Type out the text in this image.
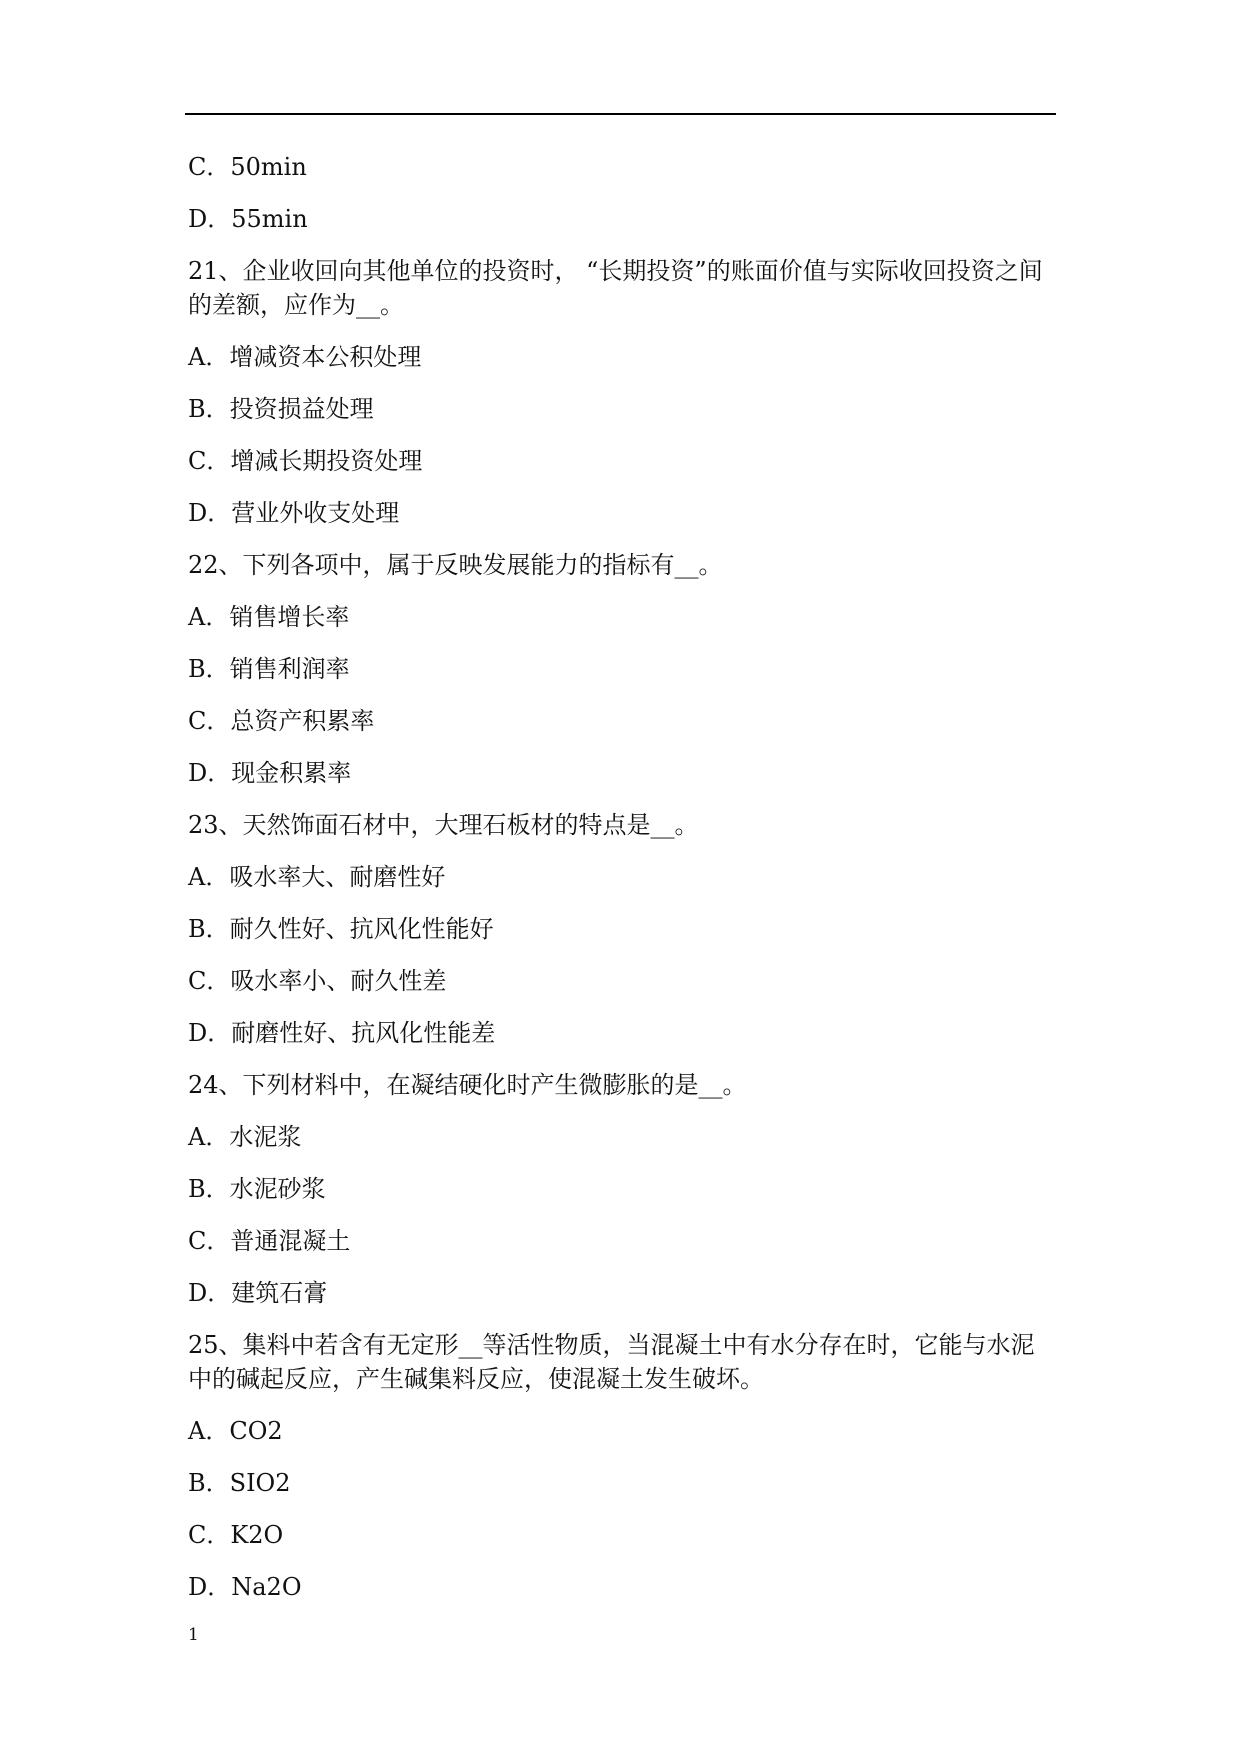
C．50min
D．55min
21、企业收回向其他单位的投资时， “长期投资”的账面价值与实际收回投资之间的差额，应作为__。
A．增减资本公积处理
B．投资损益处理
C．增减长期投资处理
D．营业外收支处理
22、下列各项中，属于反映发展能力的指标有__。
A．销售增长率
B．销售利润率
C．总资产积累率
D．现金积累率
23、天然饰面石材中，大理石板材的特点是__。
A．吸水率大、耐磨性好
B．耐久性好、抗风化性能好
C．吸水率小、耐久性差
D．耐磨性好、抗风化性能差
24、下列材料中，在凝结硬化时产生微膨胀的是__。
A．水泥浆
B．水泥砂浆
C．普通混凝土
D．建筑石膏
25、集料中若含有无定形__等活性物质，当混凝土中有水分存在时，它能与水泥中的碱起反应，产生碱集料反应，使混凝土发生破坏。
A．CO2
B．SIO2
C．K2O
D．Na2O
1
